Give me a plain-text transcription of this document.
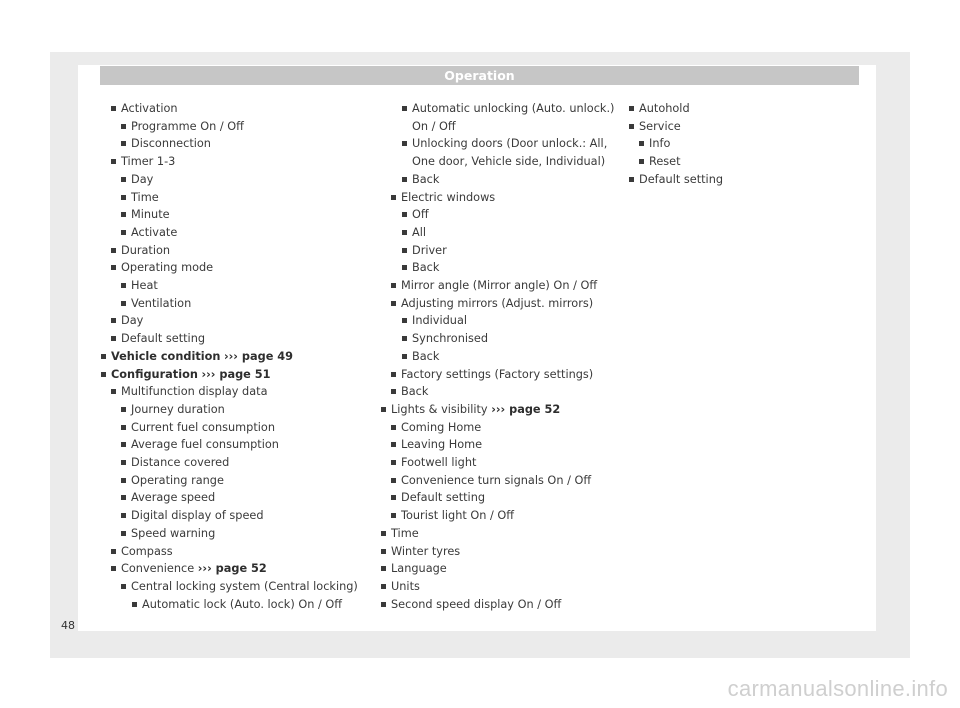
Operation
Activation
Programme On / Off
Disconnection
Timer 1-3
Day
Time
Minute
Activate
Duration
Operating mode
Heat
Ventilation
Day
Default setting
Vehicle condition ››› page 49
Configuration ››› page 51
Multifunction display data
Journey duration
Current fuel consumption
Average fuel consumption
Distance covered
Operating range
Average speed
Digital display of speed
Speed warning
Compass
Convenience ››› page 52
Central locking system (Central locking)
Automatic lock (Auto. lock) On / Off
Automatic unlocking (Auto. unlock.)
On / Off
Unlocking doors (Door unlock.: All,
One door, Vehicle side, Individual)
Back
Electric windows
Off
All
Driver
Back
Mirror angle (Mirror angle) On / Off
Adjusting mirrors (Adjust. mirrors)
Individual
Synchronised
Back
Factory settings (Factory settings)
Back
Lights & visibility ››› page 52
Coming Home
Leaving Home
Footwell light
Convenience turn signals On / Off
Default setting
Tourist light On / Off
Time
Winter tyres
Language
Units
Second speed display On / Off
Autohold
Service
Info
Reset
Default setting
48
carmanualsonline.info
